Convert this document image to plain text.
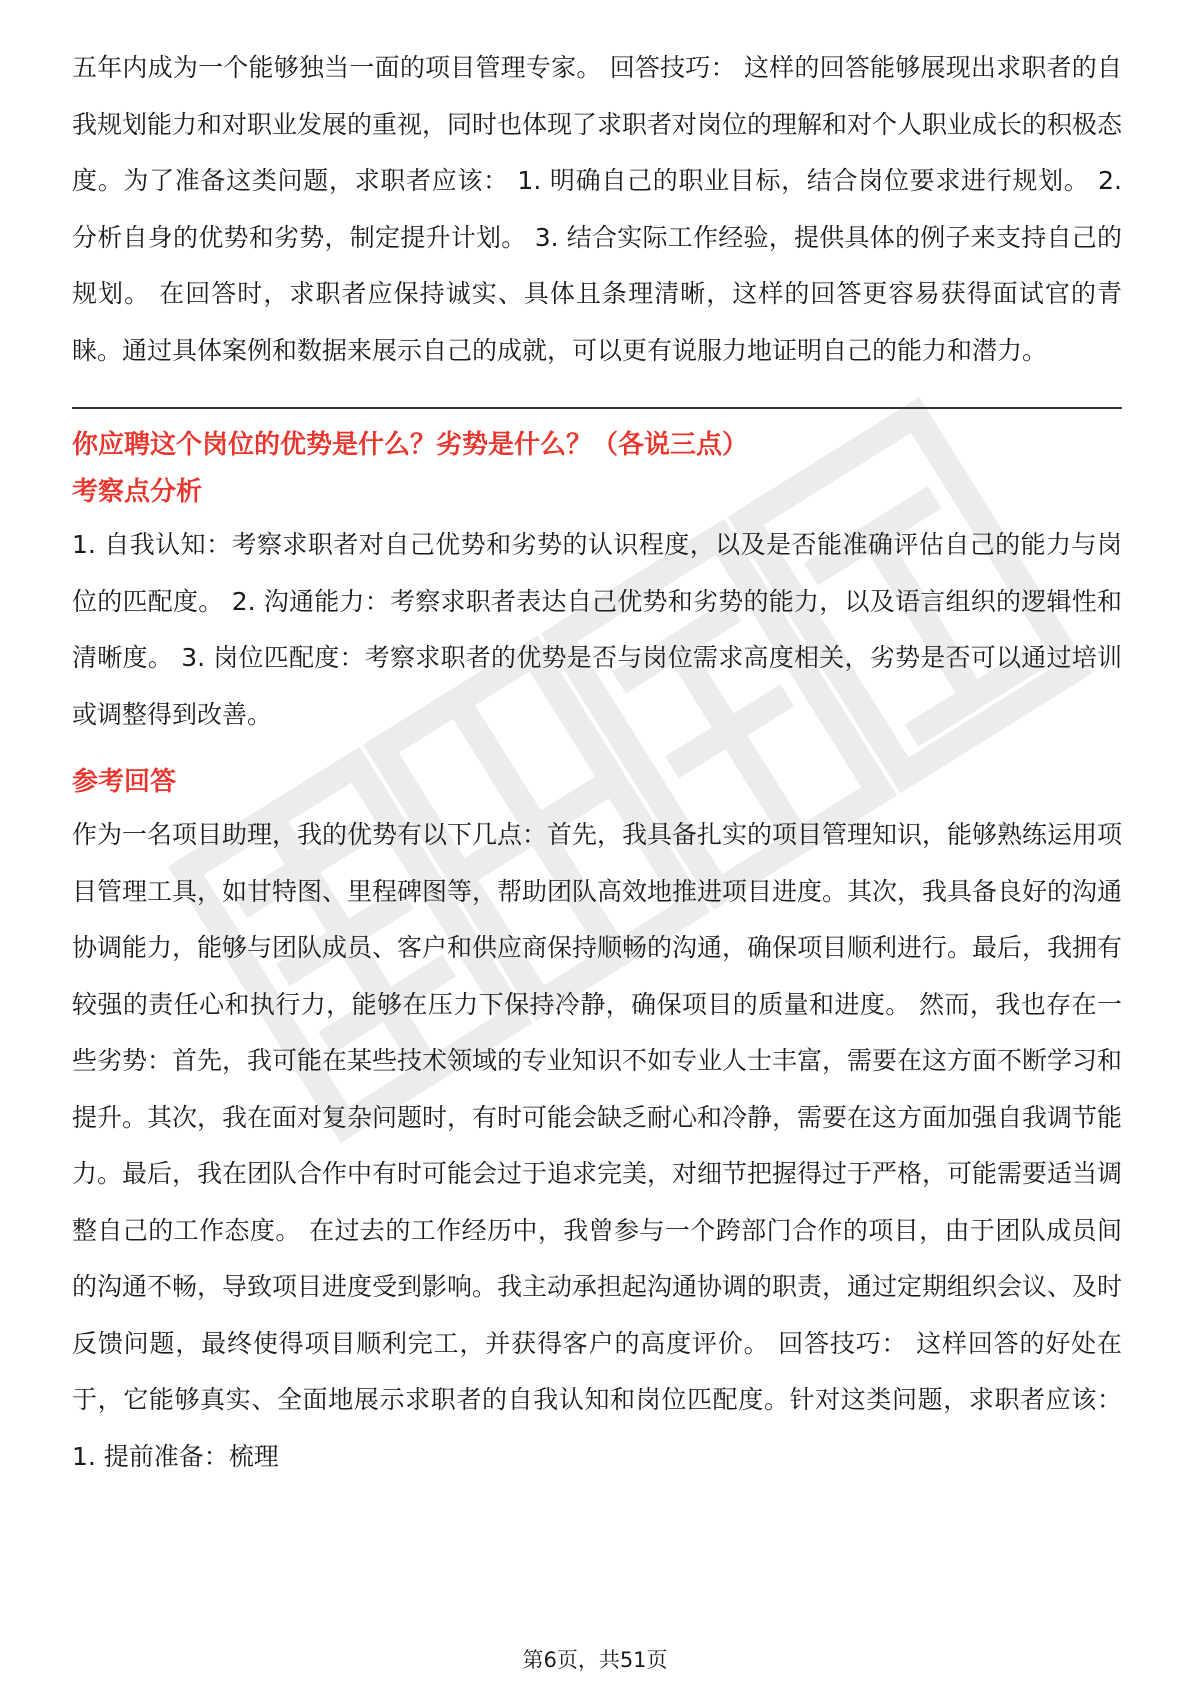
五年内成为一个能够独当一面的项目管理专家。 回答技巧： 这样的回答能够展现出求职者的自我规划能力和对职业发展的重视，同时也体现了求职者对岗位的理解和对个人职业成长的积极态度。为了准备这类问题，求职者应该： 1. 明确自己的职业目标，结合岗位要求进行规划。 2. 分析自身的优势和劣势，制定提升计划。 3. 结合实际工作经验，提供具体的例子来支持自己的规划。 在回答时，求职者应保持诚实、具体且条理清晰，这样的回答更容易获得面试官的青睐。通过具体案例和数据来展示自己的成就，可以更有说服力地证明自己的能力和潜力。

你应聘这个岗位的优势是什么？劣势是什么？（各说三点）

考察点分析

1. 自我认知：考察求职者对自己优势和劣势的认识程度，以及是否能准确评估自己的能力与岗位的匹配度。 2. 沟通能力：考察求职者表达自己优势和劣势的能力，以及语言组织的逻辑性和清晰度。 3. 岗位匹配度：考察求职者的优势是否与岗位需求高度相关，劣势是否可以通过培训或调整得到改善。

参考回答

作为一名项目助理，我的优势有以下几点：首先，我具备扎实的项目管理知识，能够熟练运用项目管理工具，如甘特图、里程碑图等，帮助团队高效地推进项目进度。其次，我具备良好的沟通协调能力，能够与团队成员、客户和供应商保持顺畅的沟通，确保项目顺利进行。最后，我拥有较强的责任心和执行力，能够在压力下保持冷静，确保项目的质量和进度。 然而，我也存在一些劣势：首先，我可能在某些技术领域的专业知识不如专业人士丰富，需要在这方面不断学习和提升。其次，我在面对复杂问题时，有时可能会缺乏耐心和冷静，需要在这方面加强自我调节能力。最后，我在团队合作中有时可能会过于追求完美，对细节把握得过于严格，可能需要适当调整自己的工作态度。 在过去的工作经历中，我曾参与一个跨部门合作的项目，由于团队成员间的沟通不畅，导致项目进度受到影响。我主动承担起沟通协调的职责，通过定期组织会议、及时反馈问题，最终使得项目顺利完工，并获得客户的高度评价。 回答技巧： 这样回答的好处在于，它能够真实、全面地展示求职者的自我认知和岗位匹配度。针对这类问题，求职者应该： 1. 提前准备：梳理

第6页，共51页
